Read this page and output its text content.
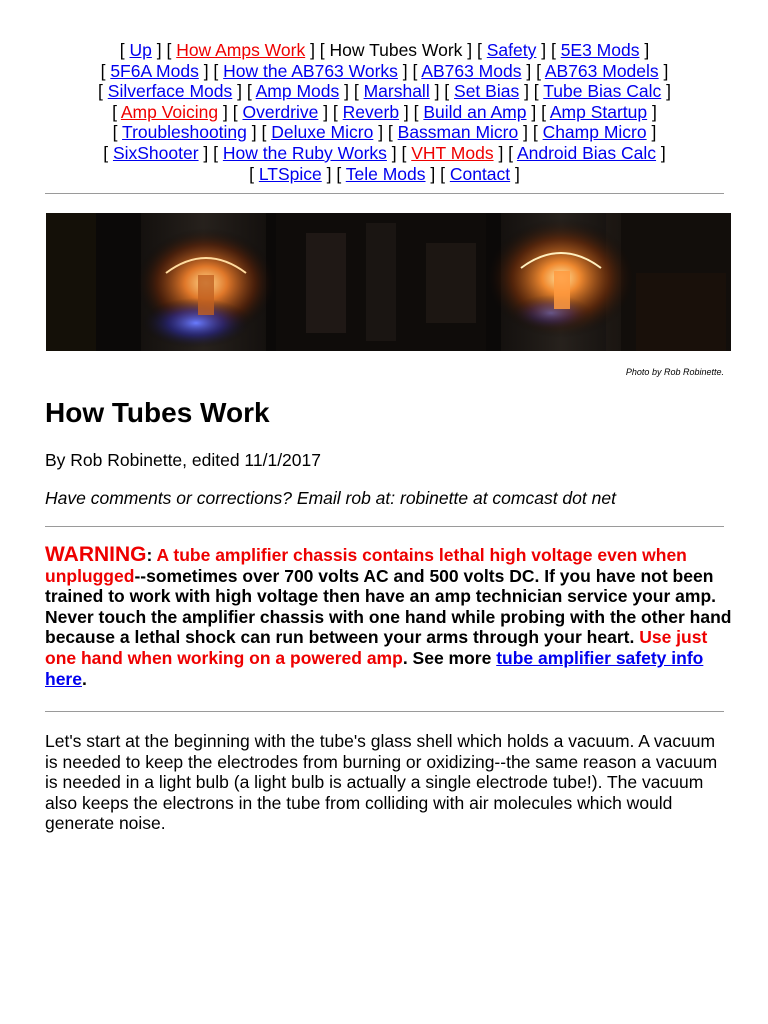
[ Up ] [ How Amps Work ] [ How Tubes Work ] [ Safety ] [ 5E3 Mods ]
[ 5F6A Mods ] [ How the AB763 Works ] [ AB763 Mods ] [ AB763 Models ]
[ Silverface Mods ] [ Amp Mods ] [ Marshall ] [ Set Bias ] [ Tube Bias Calc ]
[ Amp Voicing ] [ Overdrive ] [ Reverb ] [ Build an Amp ] [ Amp Startup ]
[ Troubleshooting ] [ Deluxe Micro ] [ Bassman Micro ] [ Champ Micro ]
[ SixShooter ] [ How the Ruby Works ] [ VHT Mods ] [ Android Bias Calc ]
[ LTSpice ] [ Tele Mods ] [ Contact ]
Photo by Rob Robinette.
How Tubes Work
By Rob Robinette, edited 11/1/2017
Have comments or corrections? Email rob at: robinette at comcast dot net
WARNING: A tube amplifier chassis contains lethal high voltage even when unplugged--sometimes over 700 volts AC and 500 volts DC. If you have not been trained to work with high voltage then have an amp technician service your amp. Never touch the amplifier chassis with one hand while probing with the other hand because a lethal shock can run between your arms through your heart. Use just one hand when working on a powered amp. See more tube amplifier safety info here.
Let's start at the beginning with the tube's glass shell which holds a vacuum. A vacuum is needed to keep the electrodes from burning or oxidizing--the same reason a vacuum is needed in a light bulb (a light bulb is actually a single electrode tube!). The vacuum also keeps the electrons in the tube from colliding with air molecules which would generate noise.
